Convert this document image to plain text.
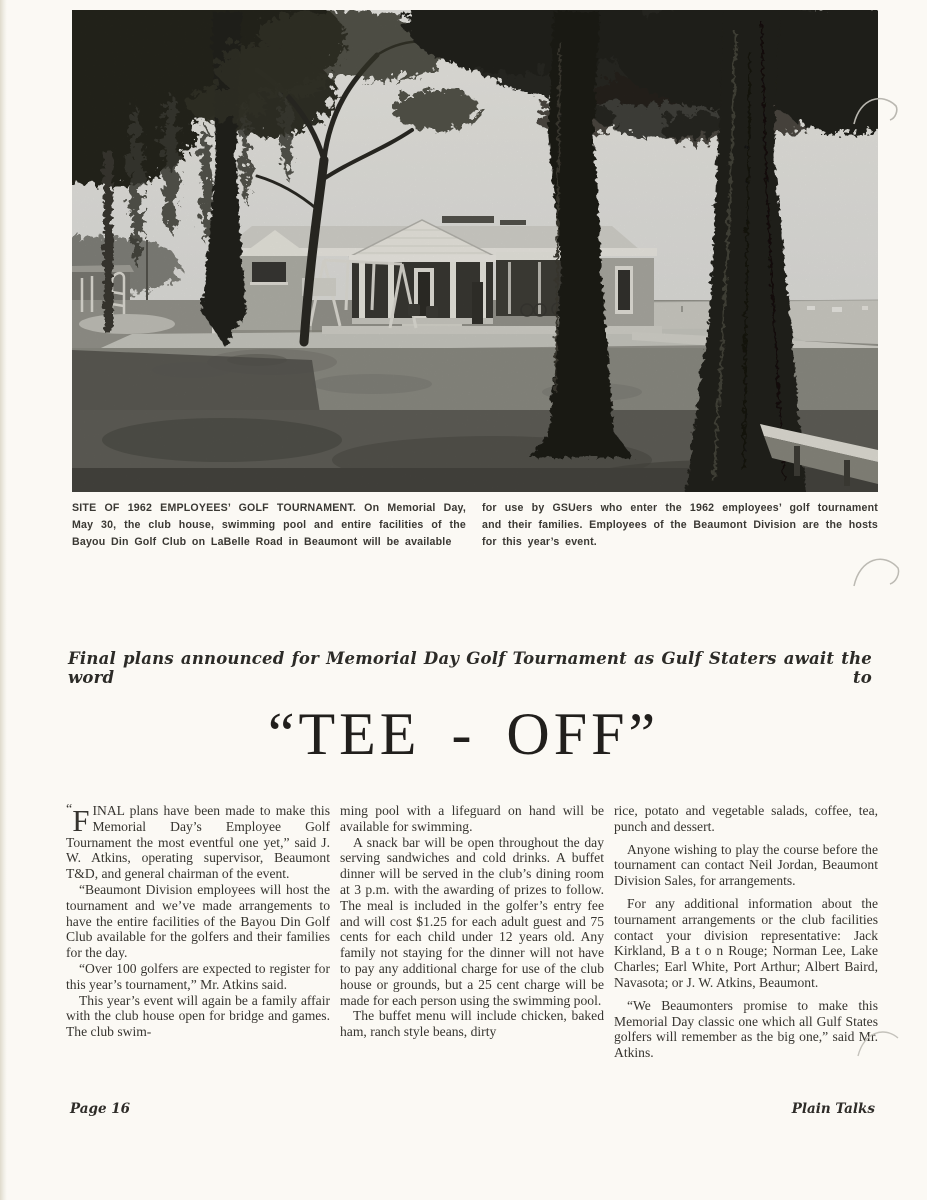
SITE OF 1962 EMPLOYEES’ GOLF TOURNAMENT. On Memorial Day, May 30, the club house, swimming pool and entire facilities of the Bayou Din Golf Club on LaBelle Road in Beaumont will be available
for use by GSUers who enter the 1962 employees’ golf tournament and their families. Employees of the Beaumont Division are the hosts for this year’s event.
Final plans announced for Memorial Day Golf Tournament as Gulf Staters await the word to
“TEE - OFF”

“F INAL plans have been made to make this Memorial Day’s Employee Golf Tournament the most eventful one yet,” said J. W. Atkins, operating supervisor, Beaumont T&D, and general chairman of the event.

“Beaumont Division employees will host the tournament and we’ve made arrangements to have the entire facilities of the Bayou Din Golf Club available for the golfers and their families for the day.

“Over 100 golfers are expected to register for this year’s tournament,” Mr. Atkins said.

This year’s event will again be a family affair with the club house open for bridge and games. The club swim-

ming pool with a lifeguard on hand will be available for swimming.

A snack bar will be open throughout the day serving sandwiches and cold drinks. A buffet dinner will be served in the club’s dining room at 3 p.m. with the awarding of prizes to follow. The meal is included in the golfer’s entry fee and will cost $1.25 for each adult guest and 75 cents for each child under 12 years old. Any family not staying for the dinner will not have to pay any additional charge for use of the club house or grounds, but a 25 cent charge will be made for each person using the swimming pool.

The buffet menu will include chicken, baked ham, ranch style beans, dirty

rice, potato and vegetable salads, coffee, tea, punch and dessert.

Anyone wishing to play the course before the tournament can contact Neil Jordan, Beaumont Division Sales, for arrangements.

For any additional information about the tournament arrangements or the club facilities contact your division representative: Jack Kirkland, B a t o n Rouge; Norman Lee, Lake Charles; Earl White, Port Arthur; Albert Baird, Navasota; or J. W. Atkins, Beaumont.

“We Beaumonters promise to make this Memorial Day classic one which all Gulf States golfers will remember as the big one,” said Mr. Atkins.

Page 16	Plain Talks
